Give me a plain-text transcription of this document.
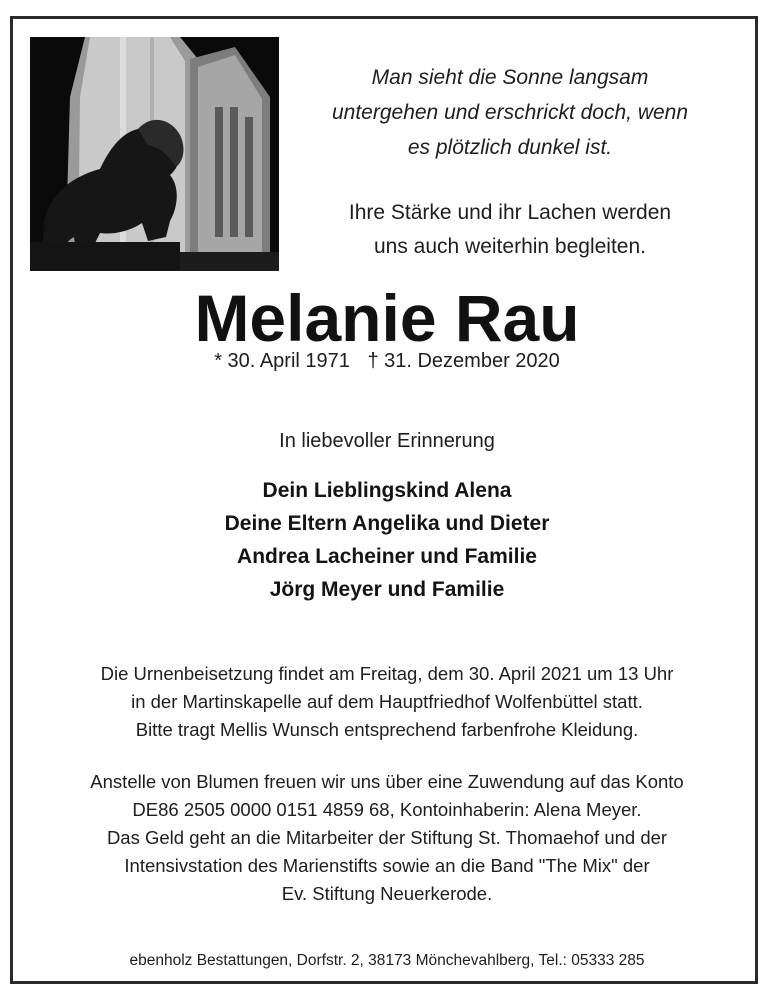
Man sieht die Sonne langsam

untergehen und erschrickt doch, wenn

es plötzlich dunkel ist.

Ihre Stärke und ihr Lachen werden

uns auch weiterhin begleiten.

Melanie Rau
* 30. April 1971 † 31. Dezember 2020
In liebevoller Erinnerung
Dein Lieblingskind Alena
Deine Eltern Angelika und Dieter
Andrea Lacheiner und Familie
Jörg Meyer und Familie
Die Urnenbeisetzung findet am Freitag, dem 30. April 2021 um 13 Uhr
in der Martinskapelle auf dem Hauptfriedhof Wolfenbüttel statt.
Bitte tragt Mellis Wunsch entsprechend farbenfrohe Kleidung.
Anstelle von Blumen freuen wir uns über eine Zuwendung auf das Konto
DE86 2505 0000 0151 4859 68, Kontoinhaberin: Alena Meyer.
Das Geld geht an die Mitarbeiter der Stiftung St. Thomaehof und der
Intensivstation des Marienstifts sowie an die Band "The Mix" der
Ev. Stiftung Neuerkerode.
ebenholz Bestattungen, Dorfstr. 2, 38173 Mönchevahlberg, Tel.: 05333 285
